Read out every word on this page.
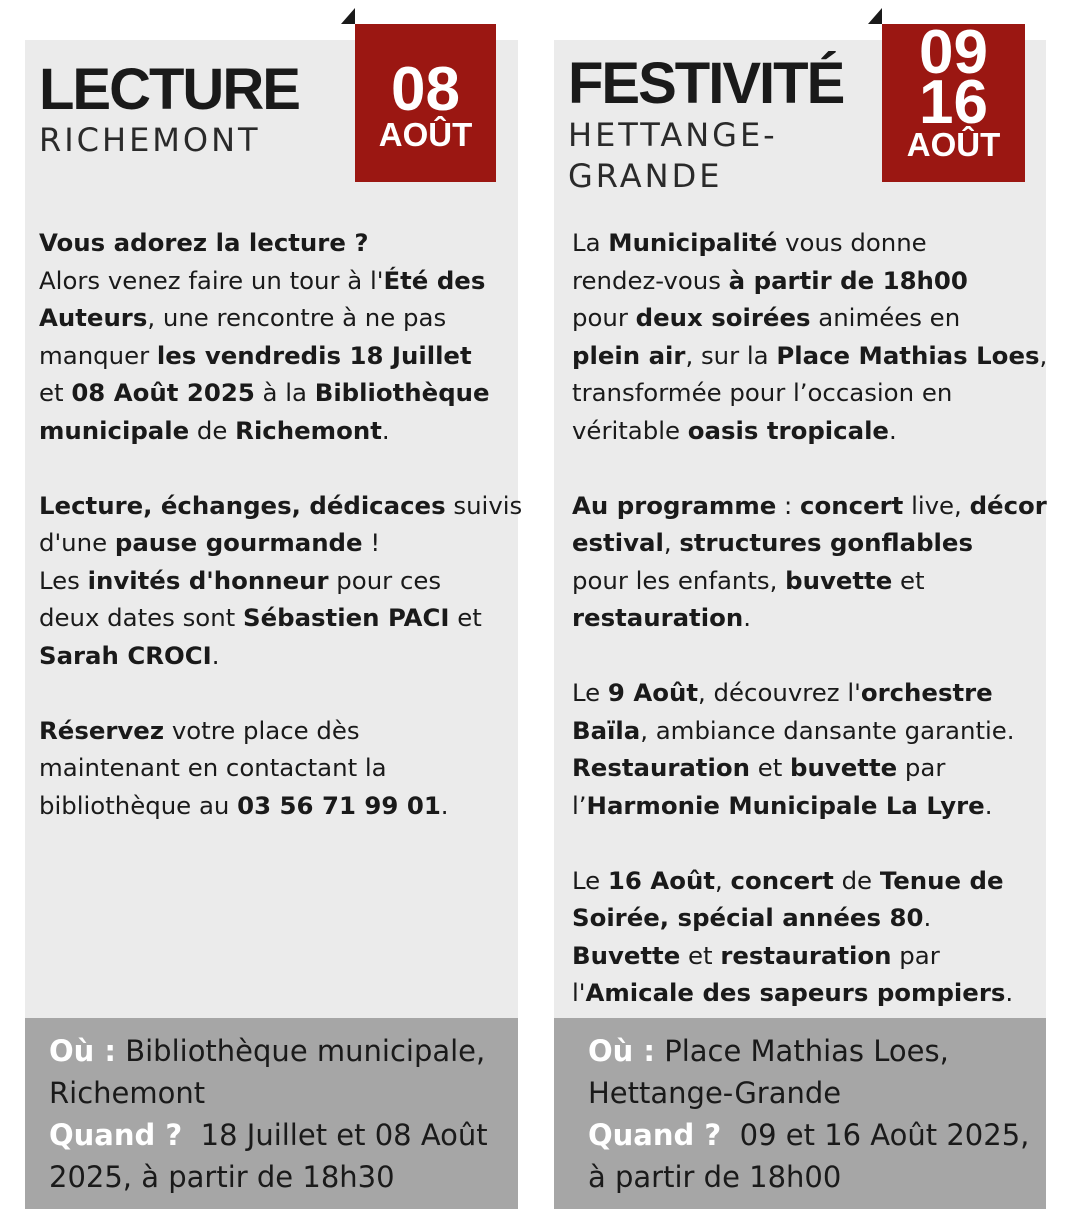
LECTURE
RICHEMONT
08
AOÛT
Vous adorez la lecture ?
Alors venez faire un tour à l'Été des
Auteurs, une rencontre à ne pas
manquer les vendredis 18 Juillet
et 08 Août 2025 à la Bibliothèque
municipale de Richemont.
Lecture, échanges, dédicaces suivis
d'une pause gourmande !
Les invités d'honneur pour ces
deux dates sont Sébastien PACI et
Sarah CROCI.
Réservez votre place dès
maintenant en contactant la
bibliothèque au 03 56 71 99 01.
Où : Bibliothèque municipale,
Richemont
Quand ? 18 Juillet et 08 Août
2025, à partir de 18h30
FESTIVITÉ
HETTANGE-
GRANDE
09
16
AOÛT
La Municipalité vous donne
rendez-vous à partir de 18h00
pour deux soirées animées en
plein air, sur la Place Mathias Loes,
transformée pour l’occasion en
véritable oasis tropicale.
Au programme : concert live, décor
estival, structures gonflables
pour les enfants, buvette et
restauration.
Le 9 Août, découvrez l'orchestre
Baïla, ambiance dansante garantie.
Restauration et buvette par
l’Harmonie Municipale La Lyre.
Le 16 Août, concert de Tenue de
Soirée, spécial années 80.
Buvette et restauration par
l'Amicale des sapeurs pompiers.
Où : Place Mathias Loes,
Hettange-Grande
Quand ? 09 et 16 Août 2025,
à partir de 18h00
